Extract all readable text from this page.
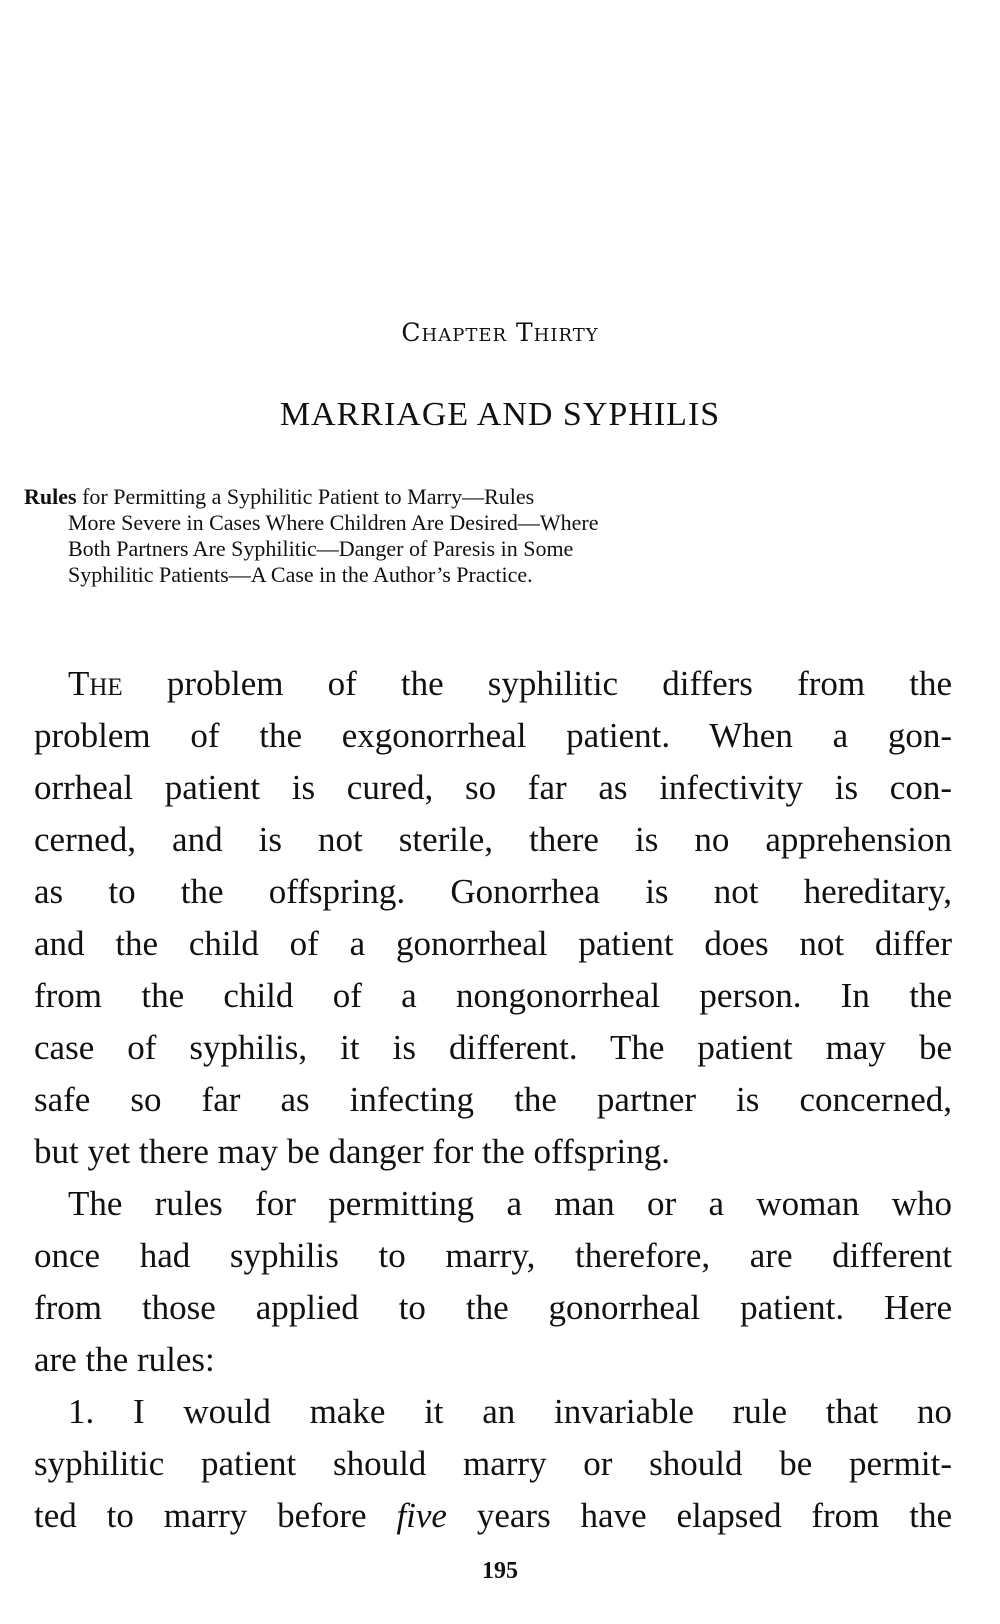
Chapter Thirty
MARRIAGE AND SYPHILIS
Rules for Permitting a Syphilitic Patient to Marry—Rules
More Severe in Cases Where Children Are Desired—Where
Both Partners Are Syphilitic—Danger of Paresis in Some
Syphilitic Patients—A Case in the Author’s Practice.
The problem of the syphilitic differs from the
problem of the exgonorrheal patient. When a gon-
orrheal patient is cured, so far as infectivity is con-
cerned, and is not sterile, there is no apprehension
as to the offspring. Gonorrhea is not hereditary,
and the child of a gonorrheal patient does not differ
from the child of a nongonorrheal person. In the
case of syphilis, it is different. The patient may be
safe so far as infecting the partner is concerned,
but yet there may be danger for the offspring.
The rules for permitting a man or a woman who
once had syphilis to marry, therefore, are different
from those applied to the gonorrheal patient. Here
are the rules:
1. I would make it an invariable rule that no
syphilitic patient should marry or should be permit-
ted to marry before five years have elapsed from the
195
